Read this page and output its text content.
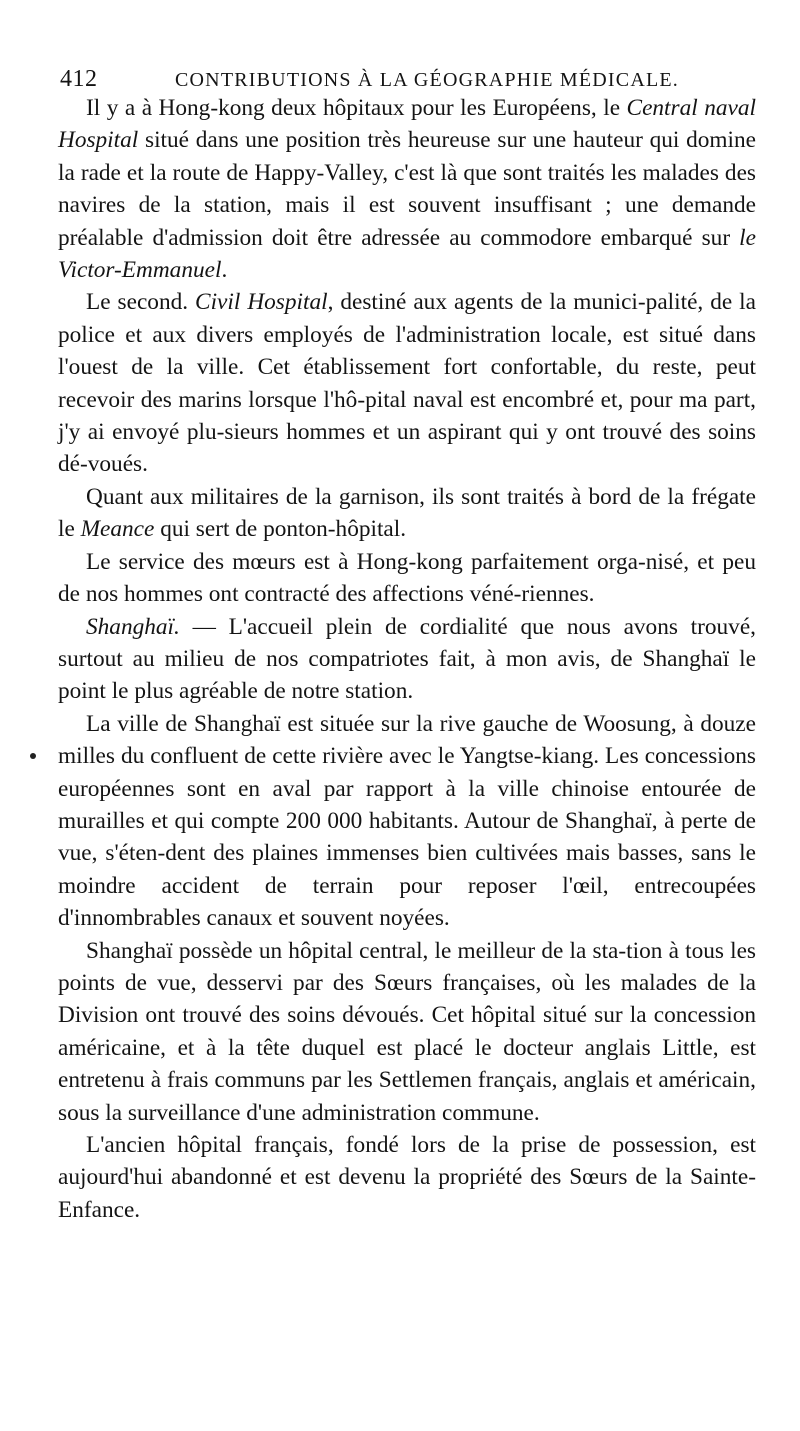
412	CONTRIBUTIONS À LA GÉOGRAPHIE MÉDICALE.

Il y a à Hong-kong deux hôpitaux pour les Européens, le Central naval Hospital situé dans une position très heureuse sur une hauteur qui domine la rade et la route de Happy-Valley, c'est là que sont traités les malades des navires de la station, mais il est souvent insuffisant ; une demande préalable d'admission doit être adressée au commodore embarqué sur le Victor-Emmanuel.

Le second. Civil Hospital, destiné aux agents de la munici-palité, de la police et aux divers employés de l'administration locale, est situé dans l'ouest de la ville. Cet établissement fort confortable, du reste, peut recevoir des marins lorsque l'hô-pital naval est encombré et, pour ma part, j'y ai envoyé plu-sieurs hommes et un aspirant qui y ont trouvé des soins dé-voués.

Quant aux militaires de la garnison, ils sont traités à bord de la frégate le Meance qui sert de ponton-hôpital.

Le service des mœurs est à Hong-kong parfaitement orga-nisé, et peu de nos hommes ont contracté des affections véné-riennes.

Shanghaï. — L'accueil plein de cordialité que nous avons trouvé, surtout au milieu de nos compatriotes fait, à mon avis, de Shanghaï le point le plus agréable de notre station.

La ville de Shanghaï est située sur la rive gauche de Woosung, à douze milles du confluent de cette rivière avec le Yangtse-kiang. Les concessions européennes sont en aval par rapport à la ville chinoise entourée de murailles et qui compte 200 000 habitants. Autour de Shanghaï, à perte de vue, s'éten-dent des plaines immenses bien cultivées mais basses, sans le moindre accident de terrain pour reposer l'œil, entrecoupées d'innombrables canaux et souvent noyées.

Shanghaï possède un hôpital central, le meilleur de la sta-tion à tous les points de vue, desservi par des Sœurs françaises, où les malades de la Division ont trouvé des soins dévoués. Cet hôpital situé sur la concession américaine, et à la tête duquel est placé le docteur anglais Little, est entretenu à frais communs par les Settlemen français, anglais et américain, sous la surveillance d'une administration commune.

L'ancien hôpital français, fondé lors de la prise de possession, est aujourd'hui abandonné et est devenu la propriété des Sœurs de la Sainte-Enfance.
